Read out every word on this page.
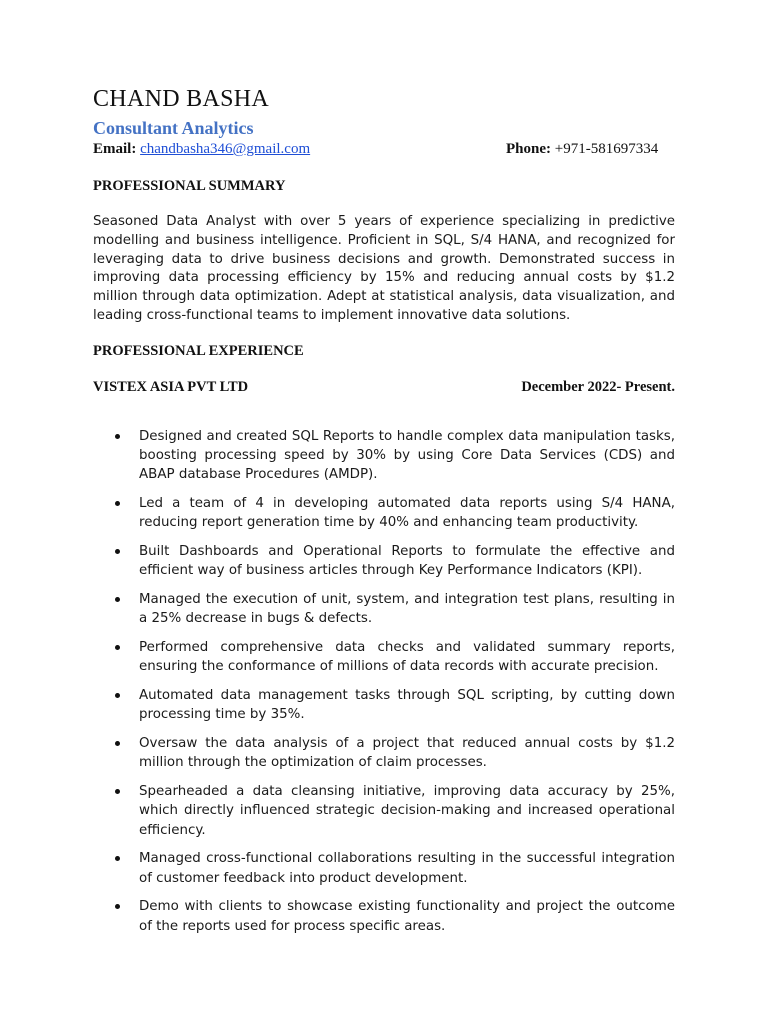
CHAND BASHA
Consultant Analytics
Email: chandbasha346@gmail.com	Phone: +971-581697334
PROFESSIONAL SUMMARY
Seasoned Data Analyst with over 5 years of experience specializing in predictive modelling and business intelligence. Proficient in SQL, S/4 HANA, and recognized for leveraging data to drive business decisions and growth. Demonstrated success in improving data processing efficiency by 15% and reducing annual costs by $1.2 million through data optimization. Adept at statistical analysis, data visualization, and leading cross-functional teams to implement innovative data solutions.
PROFESSIONAL EXPERIENCE
VISTEX ASIA PVT LTD	December 2022- Present.
Designed and created SQL Reports to handle complex data manipulation tasks, boosting processing speed by 30% by using Core Data Services (CDS) and ABAP database Procedures (AMDP).
Led a team of 4 in developing automated data reports using S/4 HANA, reducing report generation time by 40% and enhancing team productivity.
Built Dashboards and Operational Reports to formulate the effective and efficient way of business articles through Key Performance Indicators (KPI).
Managed the execution of unit, system, and integration test plans, resulting in a 25% decrease in bugs & defects.
Performed comprehensive data checks and validated summary reports, ensuring the conformance of millions of data records with accurate precision.
Automated data management tasks through SQL scripting, by cutting down processing time by 35%.
Oversaw the data analysis of a project that reduced annual costs by $1.2 million through the optimization of claim processes.
Spearheaded a data cleansing initiative, improving data accuracy by 25%, which directly influenced strategic decision-making and increased operational efficiency.
Managed cross-functional collaborations resulting in the successful integration of customer feedback into product development.
Demo with clients to showcase existing functionality and project the outcome of the reports used for process specific areas.
